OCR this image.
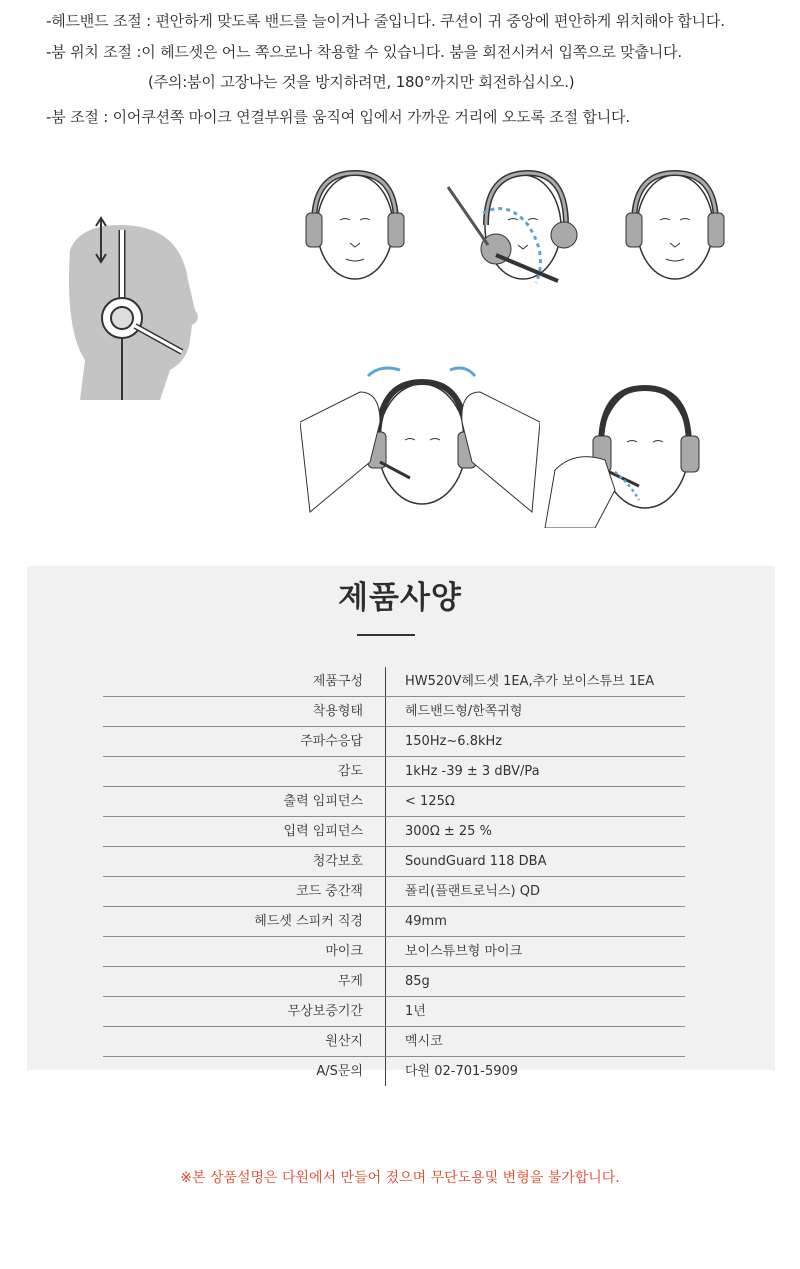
-헤드밴드 조절 : 편안하게 맞도록 밴드를 늘이거나 줄입니다. 쿠션이 귀 중앙에 편안하게 위치해야 합니다.
-붐 위치 조절 :이 헤드셋은 어느 쪽으로나 착용할 수 있습니다. 붐을 회전시켜서 입쪽으로 맞춥니다.
(주의:붐이 고장나는 것을 방지하려면, 180°까지만 회전하십시오.)
-붐 조절 : 이어쿠션쪽 마이크 연결부위를 움직여 입에서 가까운 거리에 오도록 조절 합니다.
제품사양
제품구성	HW520V헤드셋 1EA,추가 보이스튜브 1EA
착용형태	헤드밴드형/한쪽귀형
주파수응답	150Hz~6.8kHz
감도	1kHz -39 ± 3 dBV/Pa
출력 임피던스	< 125Ω
입력 임피던스	300Ω ± 25 %
청각보호	SoundGuard 118 DBA
코드 중간잭	폴리(플랜트로닉스) QD
헤드셋 스피커 직경	49mm
마이크	보이스튜브형 마이크
무게	85g
무상보증기간	1년
원산지	멕시코
A/S문의	다원 02-701-5909
※본 상품설명은 다원에서 만들어 졌으며 무단도용및 변형을 불가합니다.
